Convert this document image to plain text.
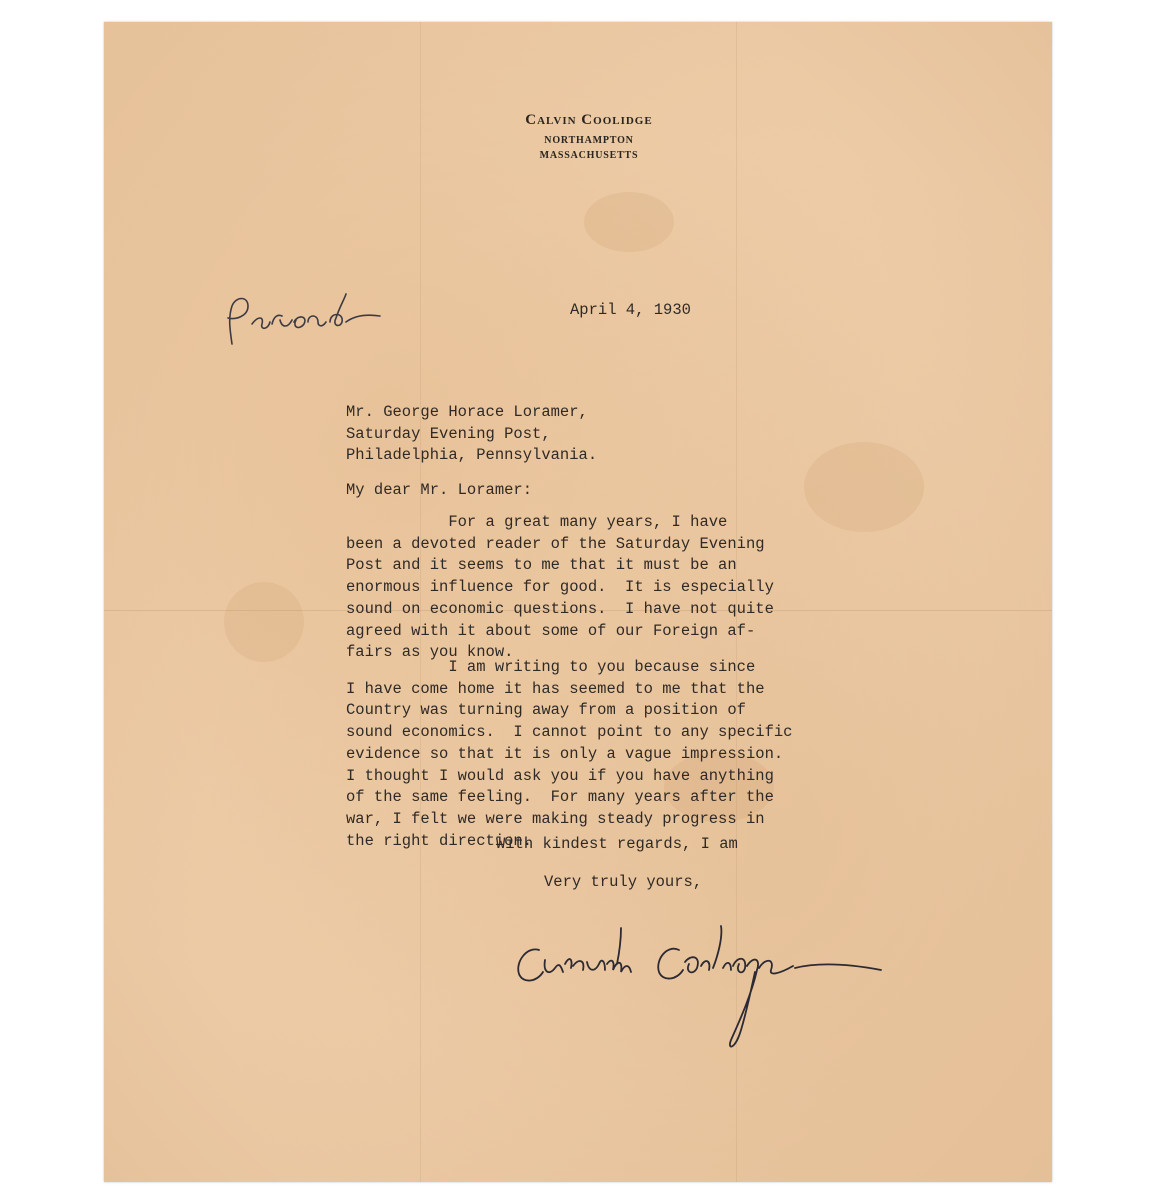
Calvin Coolidge
NORTHAMPTON
MASSACHUSETTS
April 4, 1930
Mr. George Horace Loramer,
Saturday Evening Post,
Philadelphia, Pennsylvania.
My dear Mr. Loramer:
For a great many years, I have
been a devoted reader of the Saturday Evening
Post and it seems to me that it must be an
enormous influence for good.  It is especially
sound on economic questions.  I have not quite
agreed with it about some of our Foreign af-
fairs as you know.
I am writing to you because since
I have come home it has seemed to me that the
Country was turning away from a position of
sound economics.  I cannot point to any specific
evidence so that it is only a vague impression.
I thought I would ask you if you have anything
of the same feeling.  For many years after the
war, I felt we were making steady progress in
the right direction.
With kindest regards, I am
Very truly yours,
